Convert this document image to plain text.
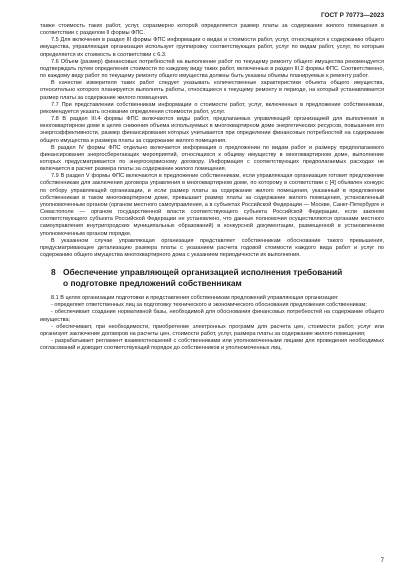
ГОСТ Р 70773—2023

также стоимость таких работ, услуг, соразмерно которой определяется размер платы за содержание жилого помещения в соответствии с разделом II формы ФПС.

7.5 Для включения в раздел III формы ФПС информации о видах и стоимости работ, услуг, относящихся к содержанию общего имущества, управляющая организация использует группировку соответствующих работ, услуг по видам работ, услуг, по которым определяется их стоимость в соответствии с 6.3.

7.6 Объем (размер) финансовых потребностей на выполнение работ по текущему ремонту общего имущества рекомендуется подтверждать путем определения стоимости по каждому виду таких работ, включенных в раздел III.2 формы ФПС. Соответственно, по каждому виду работ по текущему ремонту общего имущества должны быть указаны объемы планируемых к ремонту работ.

В качестве измерителя таких работ следует указывать количественные характеристики объекта общего имущества, относительно которого планируется выполнять работы, относящиеся к текущему ремонту в периоде, на который устанавливается размер платы за содержание жилого помещения.

7.7 При представлении собственникам информации о стоимости работ, услуг, включенных в предложение собственникам, рекомендуется указать основание определения стоимости работ, услуг.

7.8 В раздел III.4 формы ФПС включаются виды работ, предлагаемых управляющей организацией для выполнения в многоквартирном доме в целях снижения объема используемых в многоквартирном доме энергетических ресурсов, повышения его энергоэффективности, размер финансирования которых учитывается при определении финансовых потребностей на содержание общего имущества и размера платы за содержание жилого помещения.

В раздел IV формы ФПС отдельно включается информация о предложении по видам работ и размеру предполагаемого финансирования энергосберегающих мероприятий, относящихся к общему имуществу в многоквартирном доме, выполнение которых предусматривается по энергосервисному договору. Информация с соответствующих предполагаемых расходах не включается в расчет размера платы за содержание жилого помещения.

7.9 В раздел V формы ФПС включаются в предложение собственникам, если управляющая организация готовит предложение собственникам для заключения договора управления в многоквартирном доме, по которому в соответствии с [4] объявлен конкурс по отбору управляющей организации, и если размер платы за содержание жилого помещения, указанный в предложении собственникам в таком многоквартирном доме, превышает размер платы за содержание жилого помещения, установленный уполномоченным органом (органом местного самоуправления, а в субъектах Российской Федерации — Москве, Санкт-Петербурге и Севастополе — органом государственной власти соответствующего субъекта Российской Федерации, если законом соответствующего субъекта Российской Федерации не установлено, что данные полномочия осуществляются органами местного самоуправления внутригородских муниципальных образований) в конкурсной документации, размещенной в установленном уполномоченным органом порядке.

В указанном случае управляющая организация представляет собственникам обоснование такого превышения, предусматривающее детализацию размера платы с указанием расчета годовой стоимости каждого вида работ и услуг по содержанию общего имущества многоквартирного дома с указанием периодичности их выполнения.

8 Обеспечение управляющей организацией исполнения требований
о подготовке предложений собственникам

8.1 В целях организации подготовки и представления собственникам предложений управляющая организация:

- определяет ответственных лиц за подготовку технического и экономического обоснования предложения собственникам;

- обеспечивает создание нормативной базы, необходимой для обоснования финансовых потребностей на содержание общего имущества;

- обеспечивает, при необходимости, приобретение электронных программ для расчета цен, стоимости работ, услуг или организует заключение договоров на расчеты цен, стоимости работ, услуг, размера платы за содержание жилого помещения;

- разрабатывает регламент взаимоотношений с собственниками или уполномоченными лицами для проведения необходимых согласований и доводит соответствующий порядок до собственников и уполномоченных лиц.

7
